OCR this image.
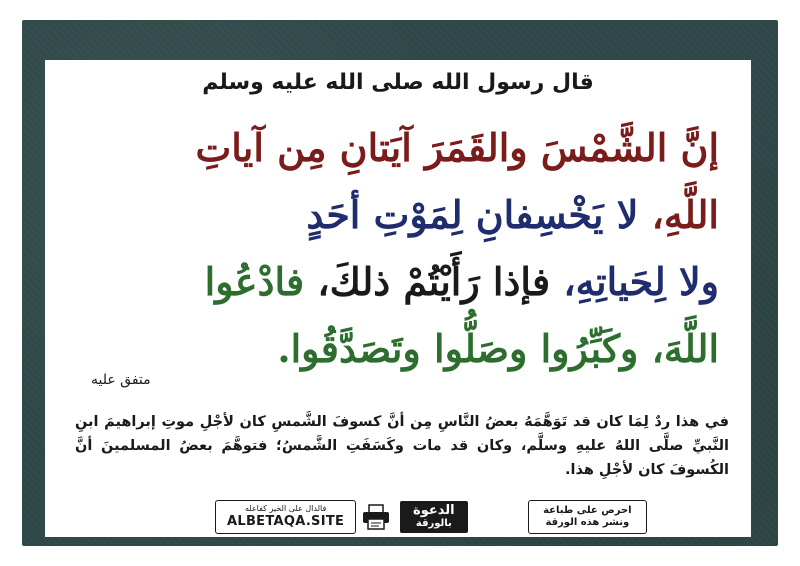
قال رسول الله صلى الله عليه وسلم
إنَّ الشَّمْسَ والقَمَرَ آيَتانِ مِن آياتِ
اللَّهِ، لا يَخْسِفانِ لِمَوْتِ أحَدٍ
ولا لِحَياتِهِ، فإذا رَأَيْتُمْ ذلكَ، فادْعُوا
اللَّهَ، وكَبِّرُوا وصَلُّوا وتَصَدَّقُوا.
متفق عليه
في هذا ردٌ لِمَا كان قد تَوَهَّمَهُ بعضُ النَّاسِ مِن أنَّ كسوفَ الشَّمسِ كان لأجْلِ موتِ إبراهيمَ ابنِ النَّبيِّ صلَّى اللهُ عليهِ وسلَّم، وكان قد مات وكَسَفَتِ الشَّمسُ؛ فتوهَّمَ بعضُ المسلمينَ أنَّ الكُسوفَ كان لأجْلِ هذا.
فالدال على الخير كفاعله
ALBETAQA.SITE
الدعوة
بالورقة
احرص على طباعة
ونشر هذه الورقة
